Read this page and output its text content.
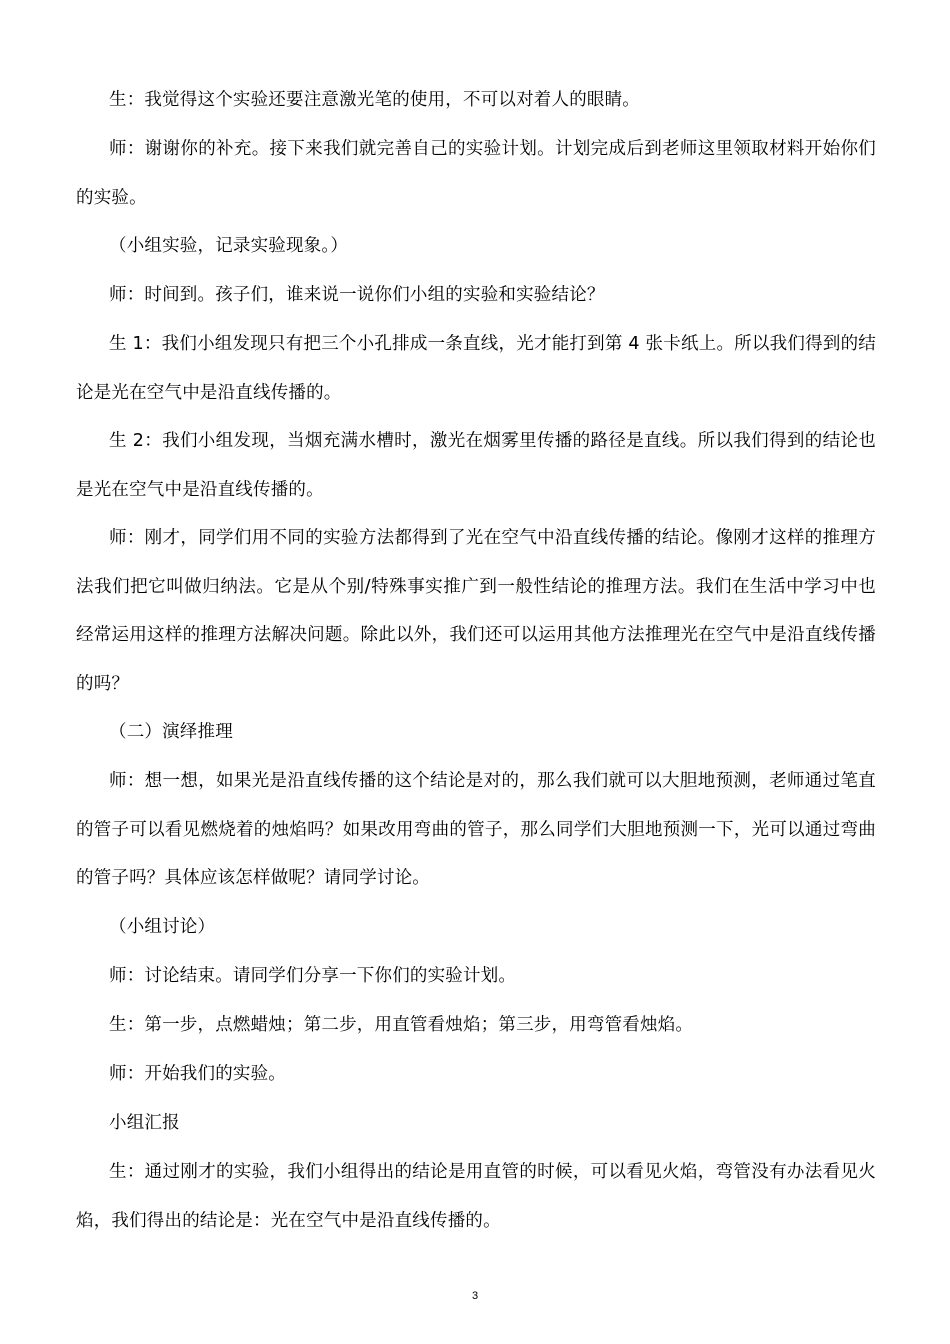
生：我觉得这个实验还要注意激光笔的使用，不可以对着人的眼睛。

师：谢谢你的补充。接下来我们就完善自己的实验计划。计划完成后到老师这里领取材料开始你们的实验。

（小组实验，记录实验现象。）

师：时间到。孩子们，谁来说一说你们小组的实验和实验结论？

生 1：我们小组发现只有把三个小孔排成一条直线，光才能打到第 4 张卡纸上。所以我们得到的结论是光在空气中是沿直线传播的。

生 2：我们小组发现，当烟充满水槽时，激光在烟雾里传播的路径是直线。所以我们得到的结论也是光在空气中是沿直线传播的。

师：刚才，同学们用不同的实验方法都得到了光在空气中沿直线传播的结论。像刚才这样的推理方法我们把它叫做归纳法。它是从个别/特殊事实推广到一般性结论的推理方法。我们在生活中学习中也经常运用这样的推理方法解决问题。除此以外，我们还可以运用其他方法推理光在空气中是沿直线传播的吗？

（二）演绎推理

师：想一想，如果光是沿直线传播的这个结论是对的，那么我们就可以大胆地预测，老师通过笔直的管子可以看见燃烧着的烛焰吗？如果改用弯曲的管子，那么同学们大胆地预测一下，光可以通过弯曲的管子吗？具体应该怎样做呢？请同学讨论。

（小组讨论）

师：讨论结束。请同学们分享一下你们的实验计划。

生：第一步，点燃蜡烛；第二步，用直管看烛焰；第三步，用弯管看烛焰。

师：开始我们的实验。

小组汇报

生：通过刚才的实验，我们小组得出的结论是用直管的时候，可以看见火焰，弯管没有办法看见火焰，我们得出的结论是：光在空气中是沿直线传播的。

3
